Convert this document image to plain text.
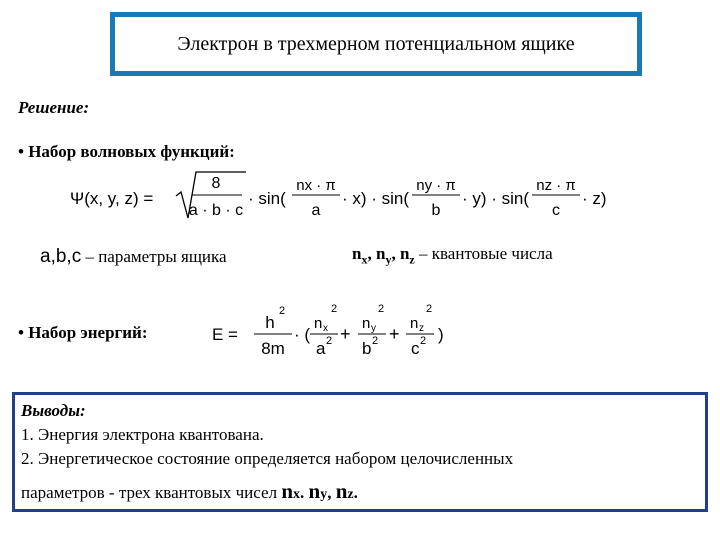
Электрон в трехмерном потенциальном ящике
Решение:
• Набор волновых функций:
Ψ(x, y, z) =
8
a · b · c
· sin(
nx · π
a
· x) · sin(
ny · π
b
· y) · sin(
nz · π
c
· z)
a,b,c – параметры ящика	$n_x$, $n_y$, $n_z$ – квантовые числа
• Набор энергий:	E =
h
2
8m
· (
n x
2
a 2 +
n y
2
b 2 +
n z
2
c 2 )
Выводы:
1. Энергия электрона квантована.
2. Энергетическое состояние определяется набором целочисленных
параметров - трех квантовых чисел nx. ny, nz.
